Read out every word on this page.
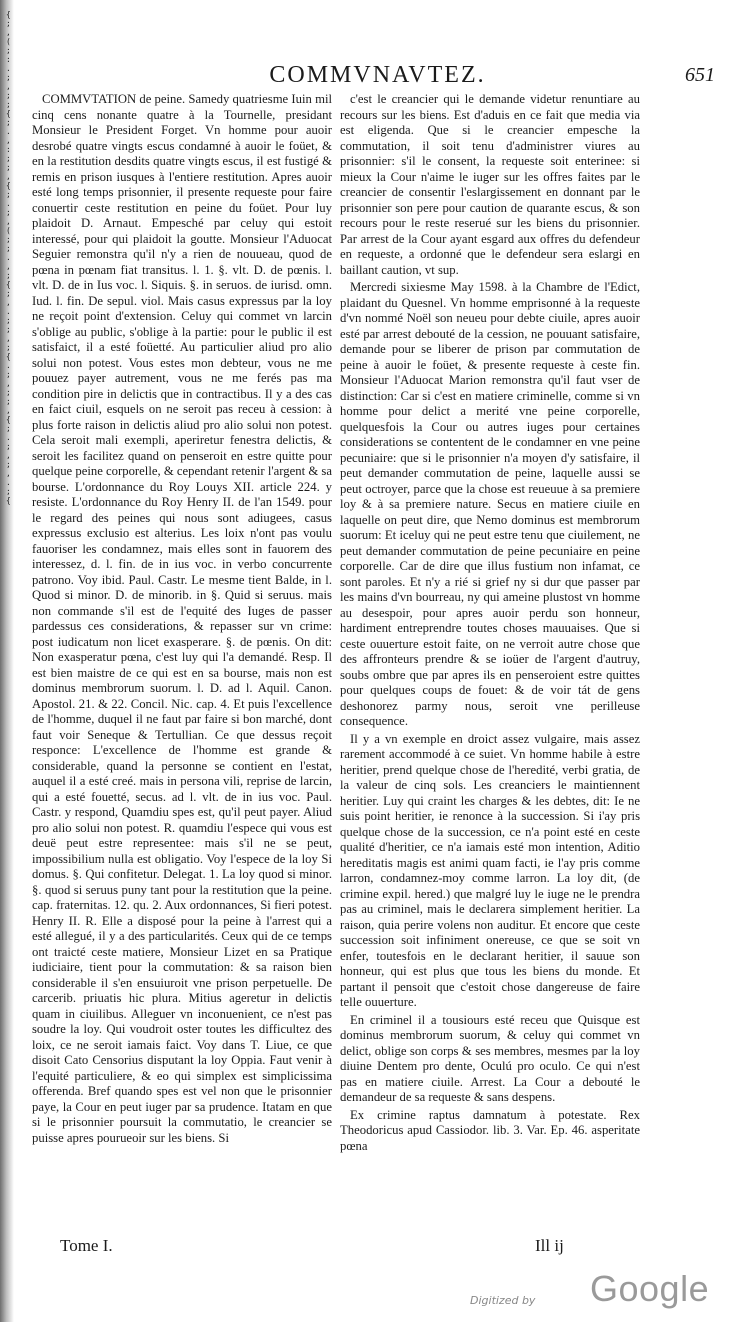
{ ; , ( ; : . ; , ; ; { ; . , : ; ; , { ; . ; , ( ; ; . , ; { ; , . ; ; , ; { . ; , ; ; , { ; . ; , ; , . ; {
COMMVNAVTEZ.	651

COMMVTATION de peine. Samedy quatriesme Iuin mil cinq cens nonante quatre à la Tournelle, presidant Monsieur le President Forget. Vn homme pour auoir desrobé quatre vingts escus condamné à auoir le foüet, & en la restitution desdits quatre vingts escus, il est fustigé & remis en prison iusques à l'entiere restitution. Apres auoir esté long temps prisonnier, il presente requeste pour faire conuertir ceste restitution en peine du foüet. Pour luy plaidoit D. Arnaut. Empesché par celuy qui estoit interessé, pour qui plaidoit la goutte. Monsieur l'Aduocat Seguier remonstra qu'il n'y a rien de nouueau, quod de pœna in pœnam fiat transitus. l. 1. §. vlt. D. de pœnis. l. vlt. D. de in Ius voc. l. Siquis. §. in seruos. de iurisd. omn. Iud. l. fin. De sepul. viol. Mais casus expressus par la loy ne reçoit point d'extension. Celuy qui commet vn larcin s'oblige au public, s'oblige à la partie: pour le public il est satisfaict, il a esté foüetté. Au particulier aliud pro alio solui non potest. Vous estes mon debteur, vous ne me pouuez payer autrement, vous ne me ferés pas ma condition pire in delictis que in contractibus. Il y a des cas en faict ciuil, esquels on ne seroit pas receu à cession: à plus forte raison in delictis aliud pro alio solui non potest. Cela seroit mali exempli, aperiretur fenestra delictis, & seroit les facilitez quand on penseroit en estre quitte pour quelque peine corporelle, & cependant retenir l'argent & sa bourse. L'ordonnance du Roy Louys XII. article 224. y resiste. L'ordonnance du Roy Henry II. de l'an 1549. pour le regard des peines qui nous sont adiugees, casus expressus exclusio est alterius. Les loix n'ont pas voulu fauoriser les condamnez, mais elles sont in fauorem des interessez, d. l. fin. de in ius voc. in verbo concurrente patrono. Voy ibid. Paul. Castr. Le mesme tient Balde, in l. Quod si minor. D. de minorib. in §. Quid si seruus. mais non commande s'il est de l'equité des Iuges de passer pardessus ces considerations, & repasser sur vn crime: post iudicatum non licet exasperare. §. de pœnis. On dit: Non exasperatur pœna, c'est luy qui l'a demandé. Resp. Il est bien maistre de ce qui est en sa bourse, mais non est dominus membrorum suorum. l. D. ad l. Aquil. Canon. Apostol. 21. & 22. Concil. Nic. cap. 4. Et puis l'excellence de l'homme, duquel il ne faut par faire si bon marché, dont faut voir Seneque & Tertullian. Ce que dessus reçoit responce: L'excellence de l'homme est grande & considerable, quand la personne se contient en l'estat, auquel il a esté creé. mais in persona vili, reprise de larcin, qui a esté fouetté, secus. ad l. vlt. de in ius voc. Paul. Castr. y respond, Quamdiu spes est, qu'il peut payer. Aliud pro alio solui non potest. R. quamdiu l'espece qui vous est deuë peut estre representee: mais s'il ne se peut, impossibilium nulla est obligatio. Voy l'espece de la loy Si domus. §. Qui confitetur. Delegat. 1. La loy quod si minor. §. quod si seruus puny tant pour la restitution que la peine. cap. fraternitas. 12. qu. 2. Aux ordonnances, Si fieri potest. Henry II. R. Elle a disposé pour la peine à l'arrest qui a esté allegué, il y a des particularités. Ceux qui de ce temps ont traicté ceste matiere, Monsieur Lizet en sa Pratique iudiciaire, tient pour la commutation: & sa raison bien considerable il s'en ensuiuroit vne prison perpetuelle. De carcerib. priuatis hic plura. Mitius ageretur in delictis quam in ciuilibus. Alleguer vn inconuenient, ce n'est pas soudre la loy. Qui voudroit oster toutes les difficultez des loix, ce ne seroit iamais faict. Voy dans T. Liue, ce que disoit Cato Censorius disputant la loy Oppia. Faut venir à l'equité particuliere, & eo qui simplex est simplicissima offerenda. Bref quando spes est vel non que le prisonnier paye, la Cour en peut iuger par sa prudence. Itatam en que si le prisonnier poursuit la commutatio, le creancier se puisse apres pourueoir sur les biens. Si

c'est le creancier qui le demande videtur renuntiare au recours sur les biens. Est d'aduis en ce fait que media via est eligenda. Que si le creancier empesche la commutation, il soit tenu d'administrer viures au prisonnier: s'il le consent, la requeste soit enterinee: si mieux la Cour n'aime le iuger sur les offres faites par le creancier de consentir l'eslargissement en donnant par le prisonnier son pere pour caution de quarante escus, & son recours pour le reste reserué sur les biens du prisonnier. Par arrest de la Cour ayant esgard aux offres du defendeur en requeste, a ordonné que le defendeur sera eslargi en baillant caution, vt sup.

Mercredi sixiesme May 1598. à la Chambre de l'Edict, plaidant du Quesnel. Vn homme emprisonné à la requeste d'vn nommé Noël son neueu pour debte ciuile, apres auoir esté par arrest debouté de la cession, ne pouuant satisfaire, demande pour se liberer de prison par commutation de peine à auoir le foüet, & presente requeste à ceste fin. Monsieur l'Aduocat Marion remonstra qu'il faut vser de distinction: Car si c'est en matiere criminelle, comme si vn homme pour delict a merité vne peine corporelle, quelquesfois la Cour ou autres iuges pour certaines considerations se contentent de le condamner en vne peine pecuniaire: que si le prisonnier n'a moyen d'y satisfaire, il peut demander commutation de peine, laquelle aussi se peut octroyer, parce que la chose est reueuue à sa premiere loy & à sa premiere nature. Secus en matiere ciuile en laquelle on peut dire, que Nemo dominus est membrorum suorum: Et iceluy qui ne peut estre tenu que ciuilement, ne peut demander commutation de peine pecuniaire en peine corporelle. Car de dire que illus fustium non infamat, ce sont paroles. Et n'y a rié si grief ny si dur que passer par les mains d'vn bourreau, ny qui ameine plustost vn homme au desespoir, pour apres auoir perdu son honneur, hardiment entreprendre toutes choses mauuaises. Que si ceste ouuerture estoit faite, on ne verroit autre chose que des affronteurs prendre & se ioüer de l'argent d'autruy, soubs ombre que par apres ils en penseroient estre quittes pour quelques coups de fouet: & de voir tát de gens deshonorez parmy nous, seroit vne perilleuse consequence.

Il y a vn exemple en droict assez vulgaire, mais assez rarement accommodé à ce suiet. Vn homme habile à estre heritier, prend quelque chose de l'heredité, verbi gratia, de la valeur de cinq sols. Les creanciers le maintiennent heritier. Luy qui craint les charges & les debtes, dit: Ie ne suis point heritier, ie renonce à la succession. Si i'ay pris quelque chose de la succession, ce n'a point esté en ceste qualité d'heritier, ce n'a iamais esté mon intention, Aditio hereditatis magis est animi quam facti, ie l'ay pris comme larron, condamnez-moy comme larron. La loy dit, (de crimine expil. hered.) que malgré luy le iuge ne le prendra pas au criminel, mais le declarera simplement heritier. La raison, quia perire volens non auditur. Et encore que ceste succession soit infiniment onereuse, ce que se soit vn enfer, toutesfois en le declarant heritier, il sauue son honneur, qui est plus que tous les biens du monde. Et partant il pensoit que c'estoit chose dangereuse de faire telle ouuerture.

En criminel il a tousiours esté receu que Quisque est dominus membrorum suorum, & celuy qui commet vn delict, oblige son corps & ses membres, mesmes par la loy diuine Dentem pro dente, Oculú pro oculo. Ce qui n'est pas en matiere ciuile. Arrest. La Cour a debouté le demandeur de sa requeste & sans despens.

Ex crimine raptus damnatum à potestate. Rex Theodoricus apud Cassiodor. lib. 3. Var. Ep. 46. asperitate pœna

Tome I.	Ill ij
Digitized by Google
